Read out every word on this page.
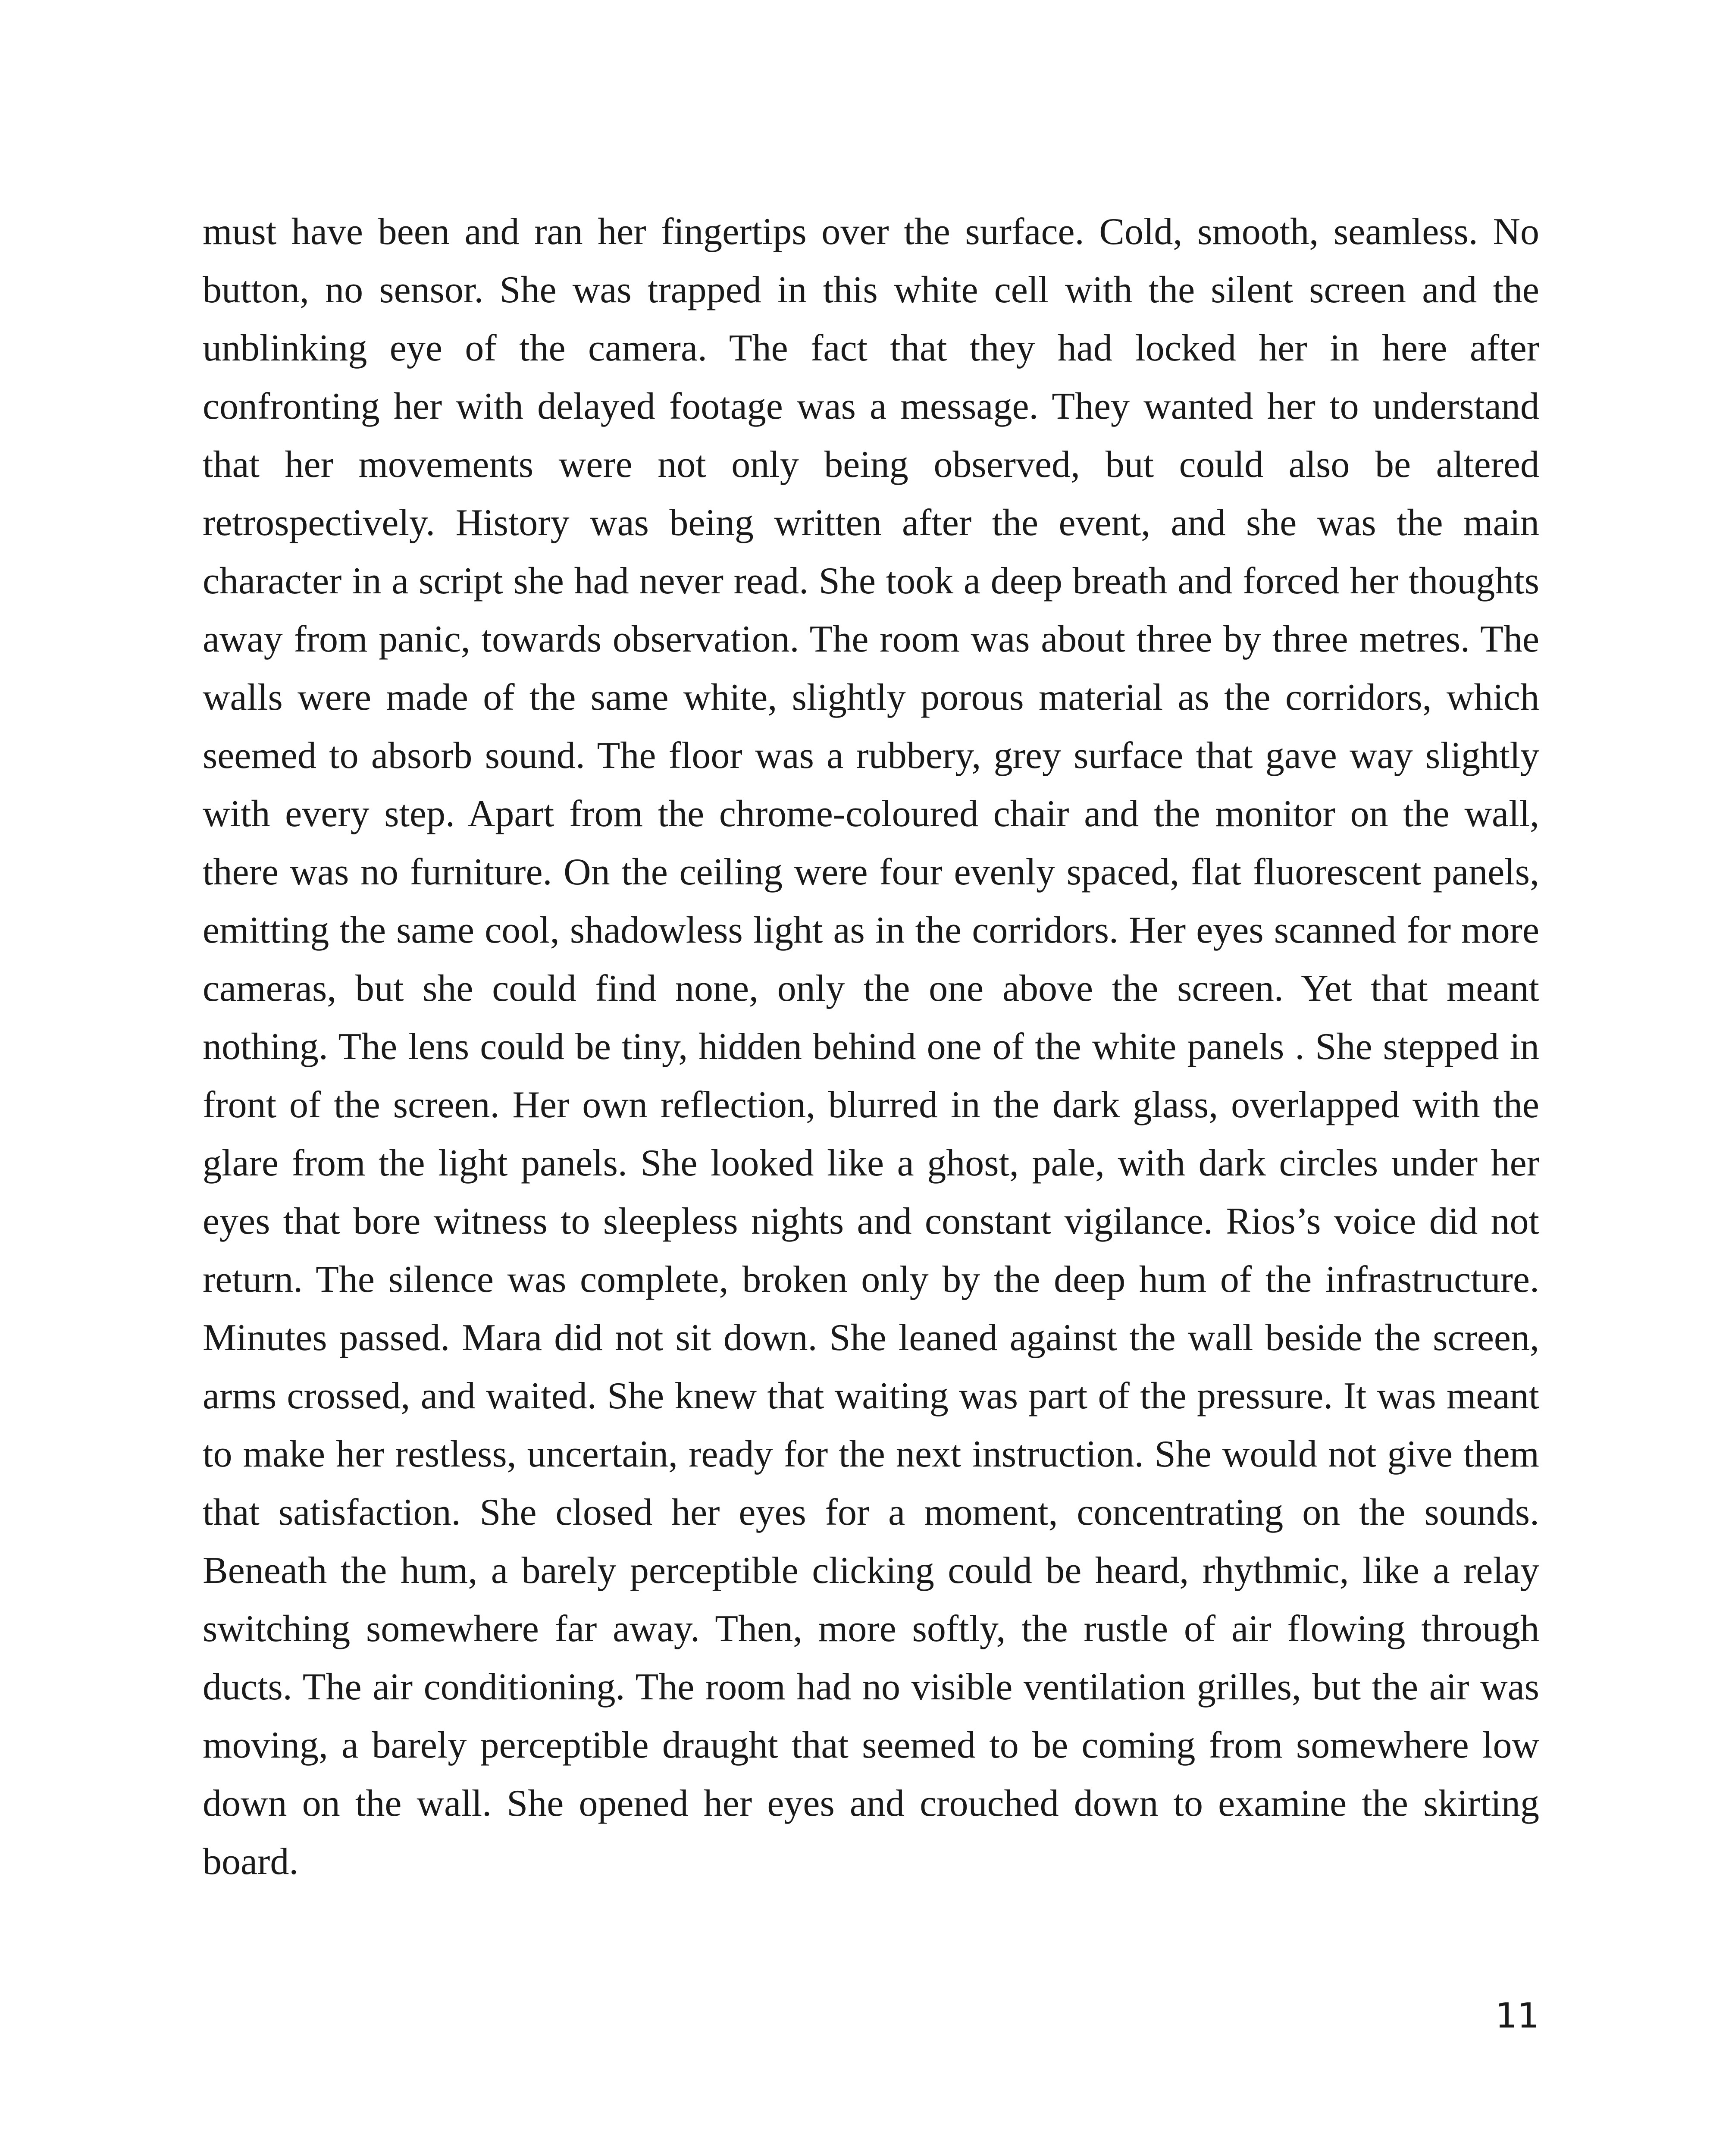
must have been and ran her fingertips over the surface. Cold, smooth, seamless. No button, no sensor. She was trapped in this white cell with the silent screen and the unblinking eye of the camera. The fact that they had locked her in here after confronting her with delayed footage was a message. They wanted her to understand that her movements were not only being observed, but could also be altered retrospectively. History was being written after the event, and she was the main character in a script she had never read. She took a deep breath and forced her thoughts away from panic, towards observation. The room was about three by three metres. The walls were made of the same white, slightly porous material as the corridors, which seemed to absorb sound. The floor was a rubbery, grey surface that gave way slightly with every step. Apart from the chrome-coloured chair and the monitor on the wall, there was no furniture. On the ceiling were four evenly spaced, flat fluorescent panels, emitting the same cool, shadowless light as in the corridors. Her eyes scanned for more cameras, but she could find none, only the one above the screen. Yet that meant nothing. The lens could be tiny, hidden behind one of the white panels . She stepped in front of the screen. Her own reflection, blurred in the dark glass, overlapped with the glare from the light panels. She looked like a ghost, pale, with dark circles under her eyes that bore witness to sleepless nights and constant vigilance. Rios’s voice did not return. The silence was complete, broken only by the deep hum of the infrastructure. Minutes passed. Mara did not sit down. She leaned against the wall beside the screen, arms crossed, and waited. She knew that waiting was part of the pressure. It was meant to make her restless, uncertain, ready for the next instruction. She would not give them that satisfaction. She closed her eyes for a moment, concentrating on the sounds. Beneath the hum, a barely perceptible clicking could be heard, rhythmic, like a relay switching somewhere far away. Then, more softly, the rustle of air flowing through ducts. The air conditioning. The room had no visible ventilation grilles, but the air was moving, a barely perceptible draught that seemed to be coming from somewhere low down on the wall. She opened her eyes and crouched down to examine the skirting board.

11
